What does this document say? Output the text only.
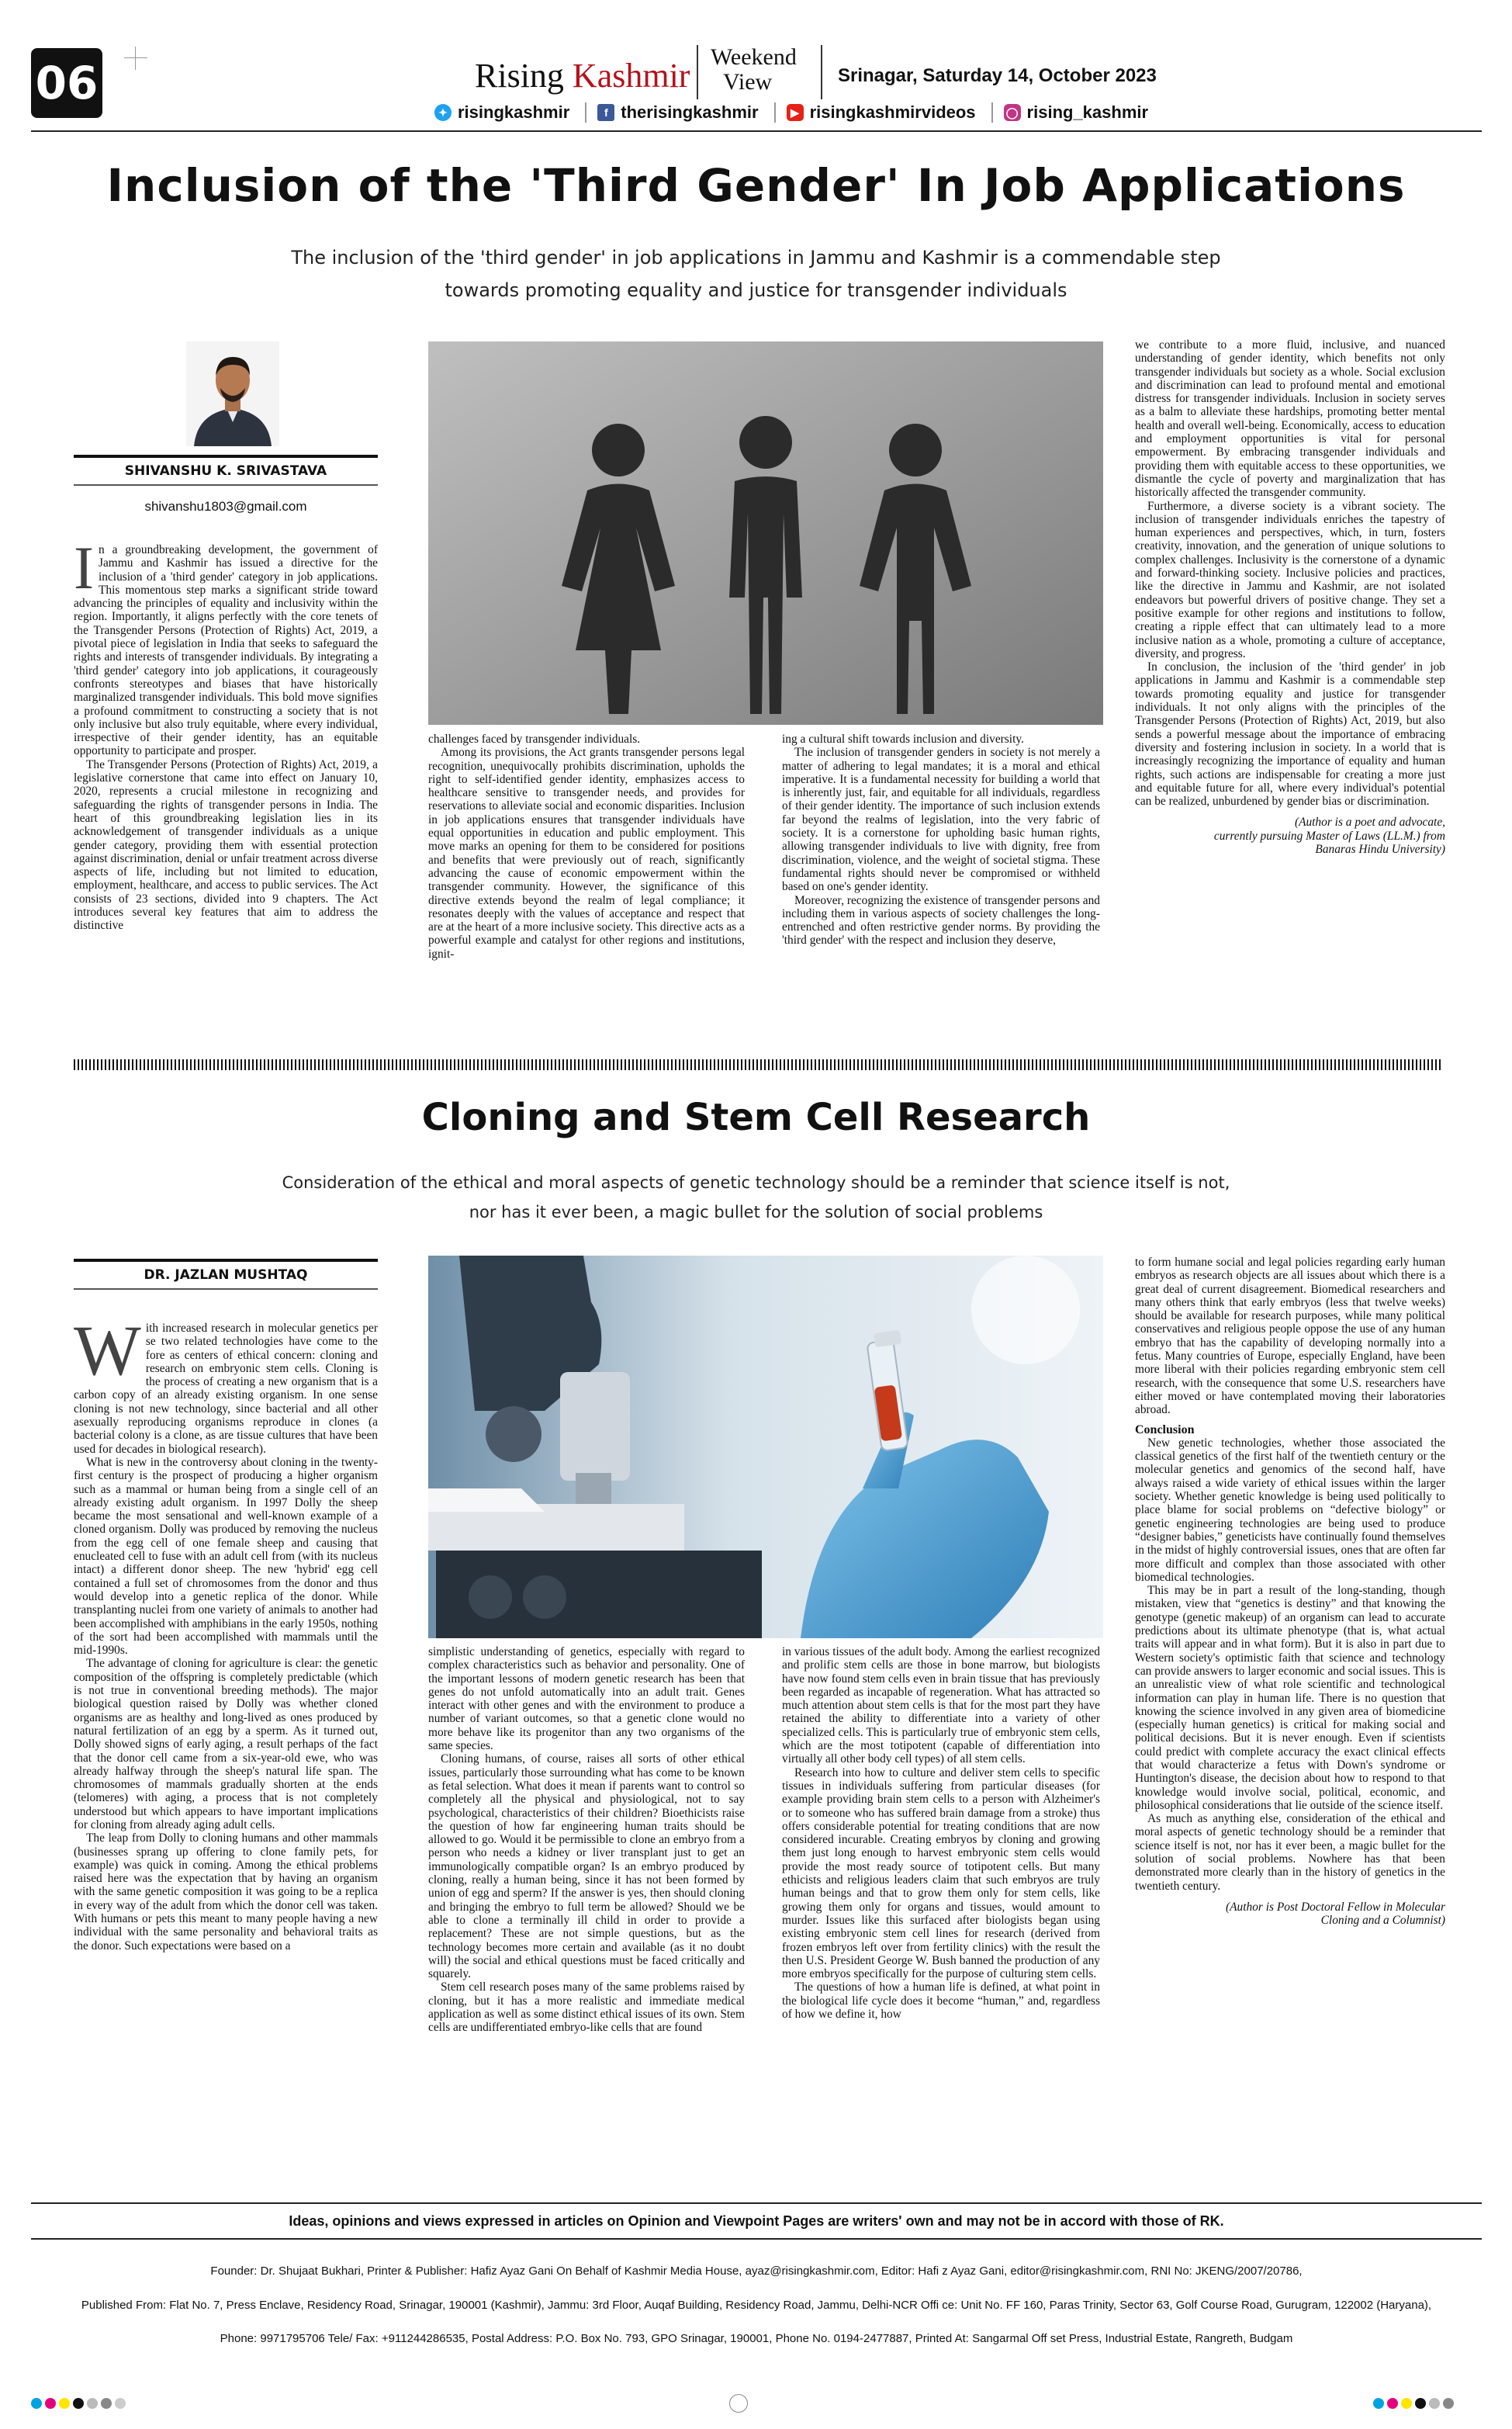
06	Rising Kashmir Weekend
View	Srinagar, Saturday 14, October 2023
✦ risingkashmir	f therisingkashmir	▶ risingkashmirvideos	◯ rising_kashmir
Inclusion of the 'Third Gender' In Job Applications
The inclusion of the 'third gender' in job applications in Jammu and Kashmir is a commendable step
towards promoting equality and justice for transgender individuals
SHIVANSHU K. SRIVASTAVA
shivanshu1803@gmail.com

In a groundbreaking development, the government of Jammu and Kashmir has issued a directive for the inclusion of a 'third gender' category in job applications. This momentous step marks a significant stride toward advancing the principles of equality and inclusivity within the region. Importantly, it aligns perfectly with the core tenets of the Transgender Persons (Protection of Rights) Act, 2019, a pivotal piece of legislation in India that seeks to safeguard the rights and interests of transgender individuals. By integrating a 'third gender' category into job applications, it courageously confronts stereotypes and biases that have historically marginalized transgender individuals. This bold move signifies a profound commitment to constructing a society that is not only inclusive but also truly equitable, where every individual, irrespective of their gender identity, has an equitable opportunity to participate and prosper.

The Transgender Persons (Protection of Rights) Act, 2019, a legislative cornerstone that came into effect on January 10, 2020, represents a crucial milestone in recognizing and safeguarding the rights of transgender persons in India. The heart of this groundbreaking legislation lies in its acknowledgement of transgender individuals as a unique gender category, providing them with essential protection against discrimination, denial or unfair treatment across diverse aspects of life, including but not limited to education, employment, healthcare, and access to public services. The Act consists of 23 sections, divided into 9 chapters. The Act introduces several key features that aim to address the distinctive

challenges faced by transgender individuals.

Among its provisions, the Act grants transgender persons legal recognition, unequivocally prohibits discrimination, upholds the right to self-identified gender identity, emphasizes access to healthcare sensitive to transgender needs, and provides for reservations to alleviate social and economic disparities. Inclusion in job applications ensures that transgender individuals have equal opportunities in education and public employment. This move marks an opening for them to be considered for positions and benefits that were previously out of reach, significantly advancing the cause of economic empowerment within the transgender community. However, the significance of this directive extends beyond the realm of legal compliance; it resonates deeply with the values of acceptance and respect that are at the heart of a more inclusive society. This directive acts as a powerful example and catalyst for other regions and institutions, ignit-

ing a cultural shift towards inclusion and diversity.

The inclusion of transgender genders in society is not merely a matter of adhering to legal mandates; it is a moral and ethical imperative. It is a fundamental necessity for building a world that is inherently just, fair, and equitable for all individuals, regardless of their gender identity. The importance of such inclusion extends far beyond the realms of legislation, into the very fabric of society. It is a cornerstone for upholding basic human rights, allowing transgender individuals to live with dignity, free from discrimination, violence, and the weight of societal stigma. These fundamental rights should never be compromised or withheld based on one's gender identity.

Moreover, recognizing the existence of transgender persons and including them in various aspects of society challenges the long-entrenched and often restrictive gender norms. By providing the 'third gender' with the respect and inclusion they deserve,

we contribute to a more fluid, inclusive, and nuanced understanding of gender identity, which benefits not only transgender individuals but society as a whole. Social exclusion and discrimination can lead to profound mental and emotional distress for transgender individuals. Inclusion in society serves as a balm to alleviate these hardships, promoting better mental health and overall well-being. Economically, access to education and employment opportunities is vital for personal empowerment. By embracing transgender individuals and providing them with equitable access to these opportunities, we dismantle the cycle of poverty and marginalization that has historically affected the transgender community.

Furthermore, a diverse society is a vibrant society. The inclusion of transgender individuals enriches the tapestry of human experiences and perspectives, which, in turn, fosters creativity, innovation, and the generation of unique solutions to complex challenges. Inclusivity is the cornerstone of a dynamic and forward-thinking society. Inclusive policies and practices, like the directive in Jammu and Kashmir, are not isolated endeavors but powerful drivers of positive change. They set a positive example for other regions and institutions to follow, creating a ripple effect that can ultimately lead to a more inclusive nation as a whole, promoting a culture of acceptance, diversity, and progress.

In conclusion, the inclusion of the 'third gender' in job applications in Jammu and Kashmir is a commendable step towards promoting equality and justice for transgender individuals. It not only aligns with the principles of the Transgender Persons (Protection of Rights) Act, 2019, but also sends a powerful message about the importance of embracing diversity and fostering inclusion in society. In a world that is increasingly recognizing the importance of equality and human rights, such actions are indispensable for creating a more just and equitable future for all, where every individual's potential can be realized, unburdened by gender bias or discrimination.

(Author is a poet and advocate,
currently pursuing Master of Laws (LL.M.) from
Banaras Hindu University)

Cloning and Stem Cell Research
Consideration of the ethical and moral aspects of genetic technology should be a reminder that science itself is not,
nor has it ever been, a magic bullet for the solution of social problems
DR. JAZLAN MUSHTAQ

With increased research in molecular genetics per se two related technologies have come to the fore as centers of ethical concern: cloning and research on embryonic stem cells. Cloning is the process of creating a new organism that is a carbon copy of an already existing organism. In one sense cloning is not new technology, since bacterial and all other asexually reproducing organisms reproduce in clones (a bacterial colony is a clone, as are tissue cultures that have been used for decades in biological research).

What is new in the controversy about cloning in the twenty-first century is the prospect of producing a higher organism such as a mammal or human being from a single cell of an already existing adult organism. In 1997 Dolly the sheep became the most sensational and well-known example of a cloned organism. Dolly was produced by removing the nucleus from the egg cell of one female sheep and causing that enucleated cell to fuse with an adult cell from (with its nucleus intact) a different donor sheep. The new 'hybrid' egg cell contained a full set of chromosomes from the donor and thus would develop into a genetic replica of the donor. While transplanting nuclei from one variety of animals to another had been accomplished with amphibians in the early 1950s, nothing of the sort had been accomplished with mammals until the mid-1990s.

The advantage of cloning for agriculture is clear: the genetic composition of the offspring is completely predictable (which is not true in conventional breeding methods). The major biological question raised by Dolly was whether cloned organisms are as healthy and long-lived as ones produced by natural fertilization of an egg by a sperm. As it turned out, Dolly showed signs of early aging, a result perhaps of the fact that the donor cell came from a six-year-old ewe, who was already halfway through the sheep's natural life span. The chromosomes of mammals gradually shorten at the ends (telomeres) with aging, a process that is not completely understood but which appears to have important implications for cloning from already aging adult cells.

The leap from Dolly to cloning humans and other mammals (businesses sprang up offering to clone family pets, for example) was quick in coming. Among the ethical problems raised here was the expectation that by having an organism with the same genetic composition it was going to be a replica in every way of the adult from which the donor cell was taken. With humans or pets this meant to many people having a new individual with the same personality and behavioral traits as the donor. Such expectations were based on a

simplistic understanding of genetics, especially with regard to complex characteristics such as behavior and personality. One of the important lessons of modern genetic research has been that genes do not unfold automatically into an adult trait. Genes interact with other genes and with the environment to produce a number of variant outcomes, so that a genetic clone would no more behave like its progenitor than any two organisms of the same species.

Cloning humans, of course, raises all sorts of other ethical issues, particularly those surrounding what has come to be known as fetal selection. What does it mean if parents want to control so completely all the physical and physiological, not to say psychological, characteristics of their children? Bioethicists raise the question of how far engineering human traits should be allowed to go. Would it be permissible to clone an embryo from a person who needs a kidney or liver transplant just to get an immunologically compatible organ? Is an embryo produced by cloning, really a human being, since it has not been formed by union of egg and sperm? If the answer is yes, then should cloning and bringing the embryo to full term be allowed? Should we be able to clone a terminally ill child in order to provide a replacement? These are not simple questions, but as the technology becomes more certain and available (as it no doubt will) the social and ethical questions must be faced critically and squarely.

Stem cell research poses many of the same problems raised by cloning, but it has a more realistic and immediate medical application as well as some distinct ethical issues of its own. Stem cells are undifferentiated embryo-like cells that are found

in various tissues of the adult body. Among the earliest recognized and prolific stem cells are those in bone marrow, but biologists have now found stem cells even in brain tissue that has previously been regarded as incapable of regeneration. What has attracted so much attention about stem cells is that for the most part they have retained the ability to differentiate into a variety of other specialized cells. This is particularly true of embryonic stem cells, which are the most totipotent (capable of differentiation into virtually all other body cell types) of all stem cells.

Research into how to culture and deliver stem cells to specific tissues in individuals suffering from particular diseases (for example providing brain stem cells to a person with Alzheimer's or to someone who has suffered brain damage from a stroke) thus offers considerable potential for treating conditions that are now considered incurable. Creating embryos by cloning and growing them just long enough to harvest embryonic stem cells would provide the most ready source of totipotent cells. But many ethicists and religious leaders claim that such embryos are truly human beings and that to grow them only for stem cells, like growing them only for organs and tissues, would amount to murder. Issues like this surfaced after biologists began using existing embryonic stem cell lines for research (derived from frozen embryos left over from fertility clinics) with the result the then U.S. President George W. Bush banned the production of any more embryos specifically for the purpose of culturing stem cells.

The questions of how a human life is defined, at what point in the biological life cycle does it become “human,” and, regardless of how we define it, how

to form humane social and legal policies regarding early human embryos as research objects are all issues about which there is a great deal of current disagreement. Biomedical researchers and many others think that early embryos (less that twelve weeks) should be available for research purposes, while many political conservatives and religious people oppose the use of any human embryo that has the capability of developing normally into a fetus. Many countries of Europe, especially England, have been more liberal with their policies regarding embryonic stem cell research, with the consequence that some U.S. researchers have either moved or have contemplated moving their laboratories abroad.

Conclusion

New genetic technologies, whether those associated the classical genetics of the first half of the twentieth century or the molecular genetics and genomics of the second half, have always raised a wide variety of ethical issues within the larger society. Whether genetic knowledge is being used politically to place blame for social problems on “defective biology” or genetic engineering technologies are being used to produce “designer babies,” geneticists have continually found themselves in the midst of highly controversial issues, ones that are often far more difficult and complex than those associated with other biomedical technologies.

This may be in part a result of the long-standing, though mistaken, view that “genetics is destiny” and that knowing the genotype (genetic makeup) of an organism can lead to accurate predictions about its ultimate phenotype (that is, what actual traits will appear and in what form). But it is also in part due to Western society's optimistic faith that science and technology can provide answers to larger economic and social issues. This is an unrealistic view of what role scientific and technological information can play in human life. There is no question that knowing the science involved in any given area of biomedicine (especially human genetics) is critical for making social and political decisions. But it is never enough. Even if scientists could predict with complete accuracy the exact clinical effects that would characterize a fetus with Down's syndrome or Huntington's disease, the decision about how to respond to that knowledge would involve social, political, economic, and philosophical considerations that lie outside of the science itself.

As much as anything else, consideration of the ethical and moral aspects of genetic technology should be a reminder that science itself is not, nor has it ever been, a magic bullet for the solution of social problems. Nowhere has that been demonstrated more clearly than in the history of genetics in the twentieth century.

(Author is Post Doctoral Fellow in Molecular
Cloning and a Columnist)

Ideas, opinions and views expressed in articles on Opinion and Viewpoint Pages are writers' own and may not be in accord with those of RK.
Founder: Dr. Shujaat Bukhari, Printer & Publisher: Hafiz Ayaz Gani On Behalf of Kashmir Media House, ayaz@risingkashmir.com, Editor: Hafi z Ayaz Gani, editor@risingkashmir.com, RNI No: JKENG/2007/20786,
Published From: Flat No. 7, Press Enclave, Residency Road, Srinagar, 190001 (Kashmir), Jammu: 3rd Floor, Auqaf Building, Residency Road, Jammu, Delhi-NCR Offi ce: Unit No. FF 160, Paras Trinity, Sector 63, Golf Course Road, Gurugram, 122002 (Haryana),
Phone: 9971795706 Tele/ Fax: +911244286535, Postal Address: P.O. Box No. 793, GPO Srinagar, 190001, Phone No. 0194-2477887, Printed At: Sangarmal Off set Press, Industrial Estate, Rangreth, Budgam
